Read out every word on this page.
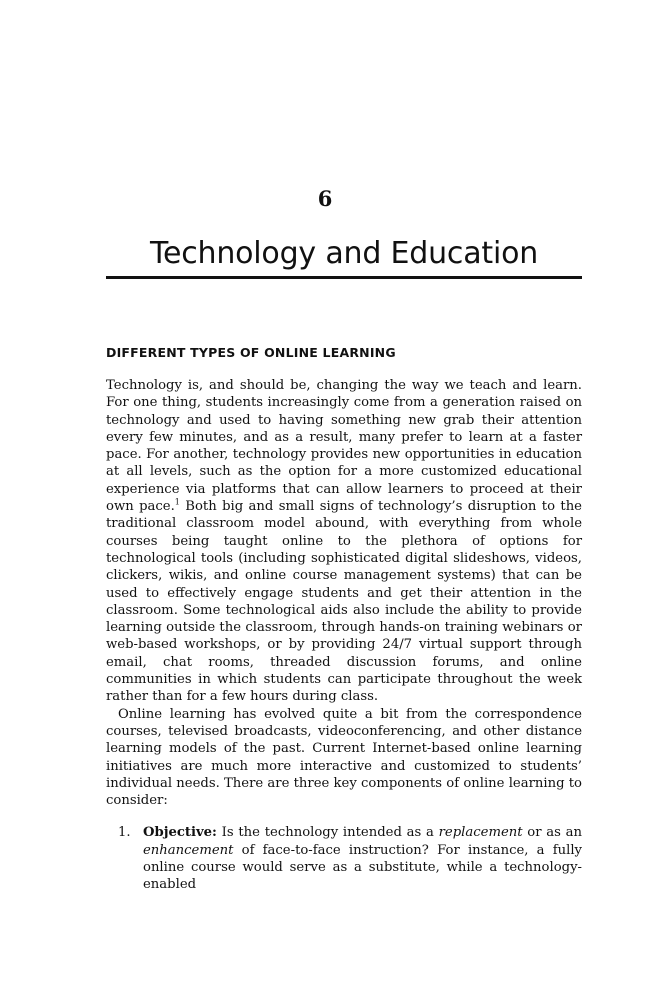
6
Technology and Education
DIFFERENT TYPES OF ONLINE LEARNING

Technology is, and should be, changing the way we teach and learn. For one thing, students increasingly come from a generation raised on technology and used to having something new grab their attention every few minutes, and as a result, many prefer to learn at a faster pace. For another, technology provides new opportunities in education at all levels, such as the option for a more customized educational experience via platforms that can allow learners to proceed at their own pace.$^1$ Both big and small signs of technology’s disruption to the traditional classroom model abound, with everything from whole courses being taught online to the plethora of options for technological tools (including sophisticated digital slideshows, videos, clickers, wikis, and online course management systems) that can be used to effectively engage students and get their attention in the classroom. Some technological aids also include the ability to provide learning outside the classroom, through hands-on training webinars or web-based workshops, or by providing 24/7 virtual support through email, chat rooms, threaded discussion forums, and online communities in which students can participate throughout the week rather than for a few hours during class.

Online learning has evolved quite a bit from the correspondence courses, televised broadcasts, videoconferencing, and other distance learning models of the past. Current Internet-based online learning initiatives are much more interactive and customized to students’ individual needs. There are three key components of online learning to consider:

1. Objective: Is the technology intended as a replacement or as an enhancement of face-to-face instruction? For instance, a fully online course would serve as a substitute, while a technology-enabled
